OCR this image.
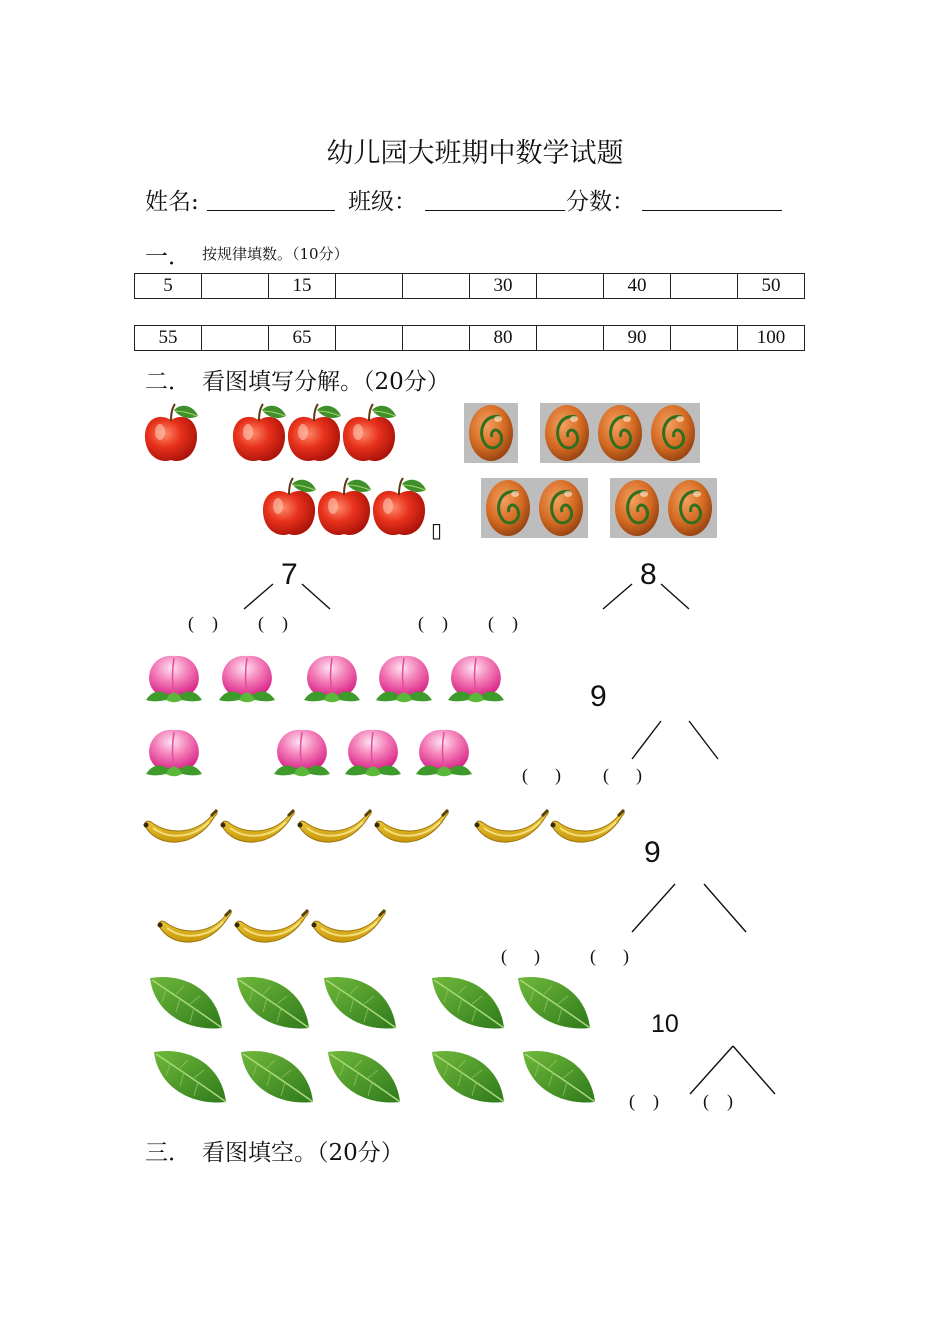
幼儿园大班期中数学试题
姓名:	班级：	分数：
一． 按规律填数。（10分）
5		15			30		40		50
55		65			80		90		100
二． 看图填写分解。（20分）
▯
7	8
9
9
10
(    ) (    )	(    ) (    )
(      ) (      )
(      )	(      )
(    ) (    )
三． 看图填空。（20分）
